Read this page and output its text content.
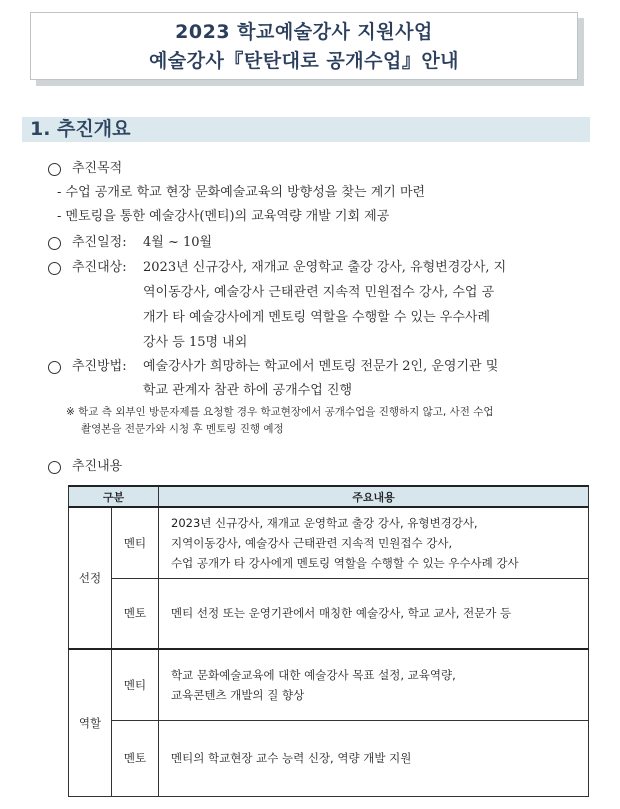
2023 학교예술강사 지원사업
예술강사『탄탄대로 공개수업』안내
1. 추진개요
추진목적
- 수업 공개로 학교 현장 문화예술교육의 방향성을 찾는 계기 마련
- 멘토링을 통한 예술강사(멘티)의 교육역량 개발 기회 제공
추진일정: 4월 ~ 10월
추진대상: 2023년 신규강사, 재개교 운영학교 출강 강사, 유형변경강사, 지
역이동강사, 예술강사 근태관련 지속적 민원접수 강사, 수업 공
개가 타 예술강사에게 멘토링 역할을 수행할 수 있는 우수사례
강사 등 15명 내외
추진방법: 예술강사가 희망하는 학교에서 멘토링 전문가 2인, 운영기관 및
학교 관계자 참관 하에 공개수업 진행
※ 학교 측 외부인 방문자제를 요청할 경우 학교현장에서 공개수업을 진행하지 않고, 사전 수업
촬영본을 전문가와 시청 후 멘토링 진행 예정
추진내용
구분		주요내용
선정	멘티	2023년 신규강사, 재개교 운영학교 출강 강사, 유형변경강사,
지역이동강사, 예술강사 근태관련 지속적 민원접수 강사,
수업 공개가 타 강사에게 멘토링 역할을 수행할 수 있는 우수사례 강사

	멘토	멘티 선정 또는 운영기관에서 매칭한 예술강사, 학교 교사, 전문가 등

역할	멘티	학교 문화예술교육에 대한 예술강사 목표 설정, 교육역량,
교육콘텐츠 개발의 질 향상

	멘토	멘티의 학교현장 교수 능력 신장, 역량 개발 지원
